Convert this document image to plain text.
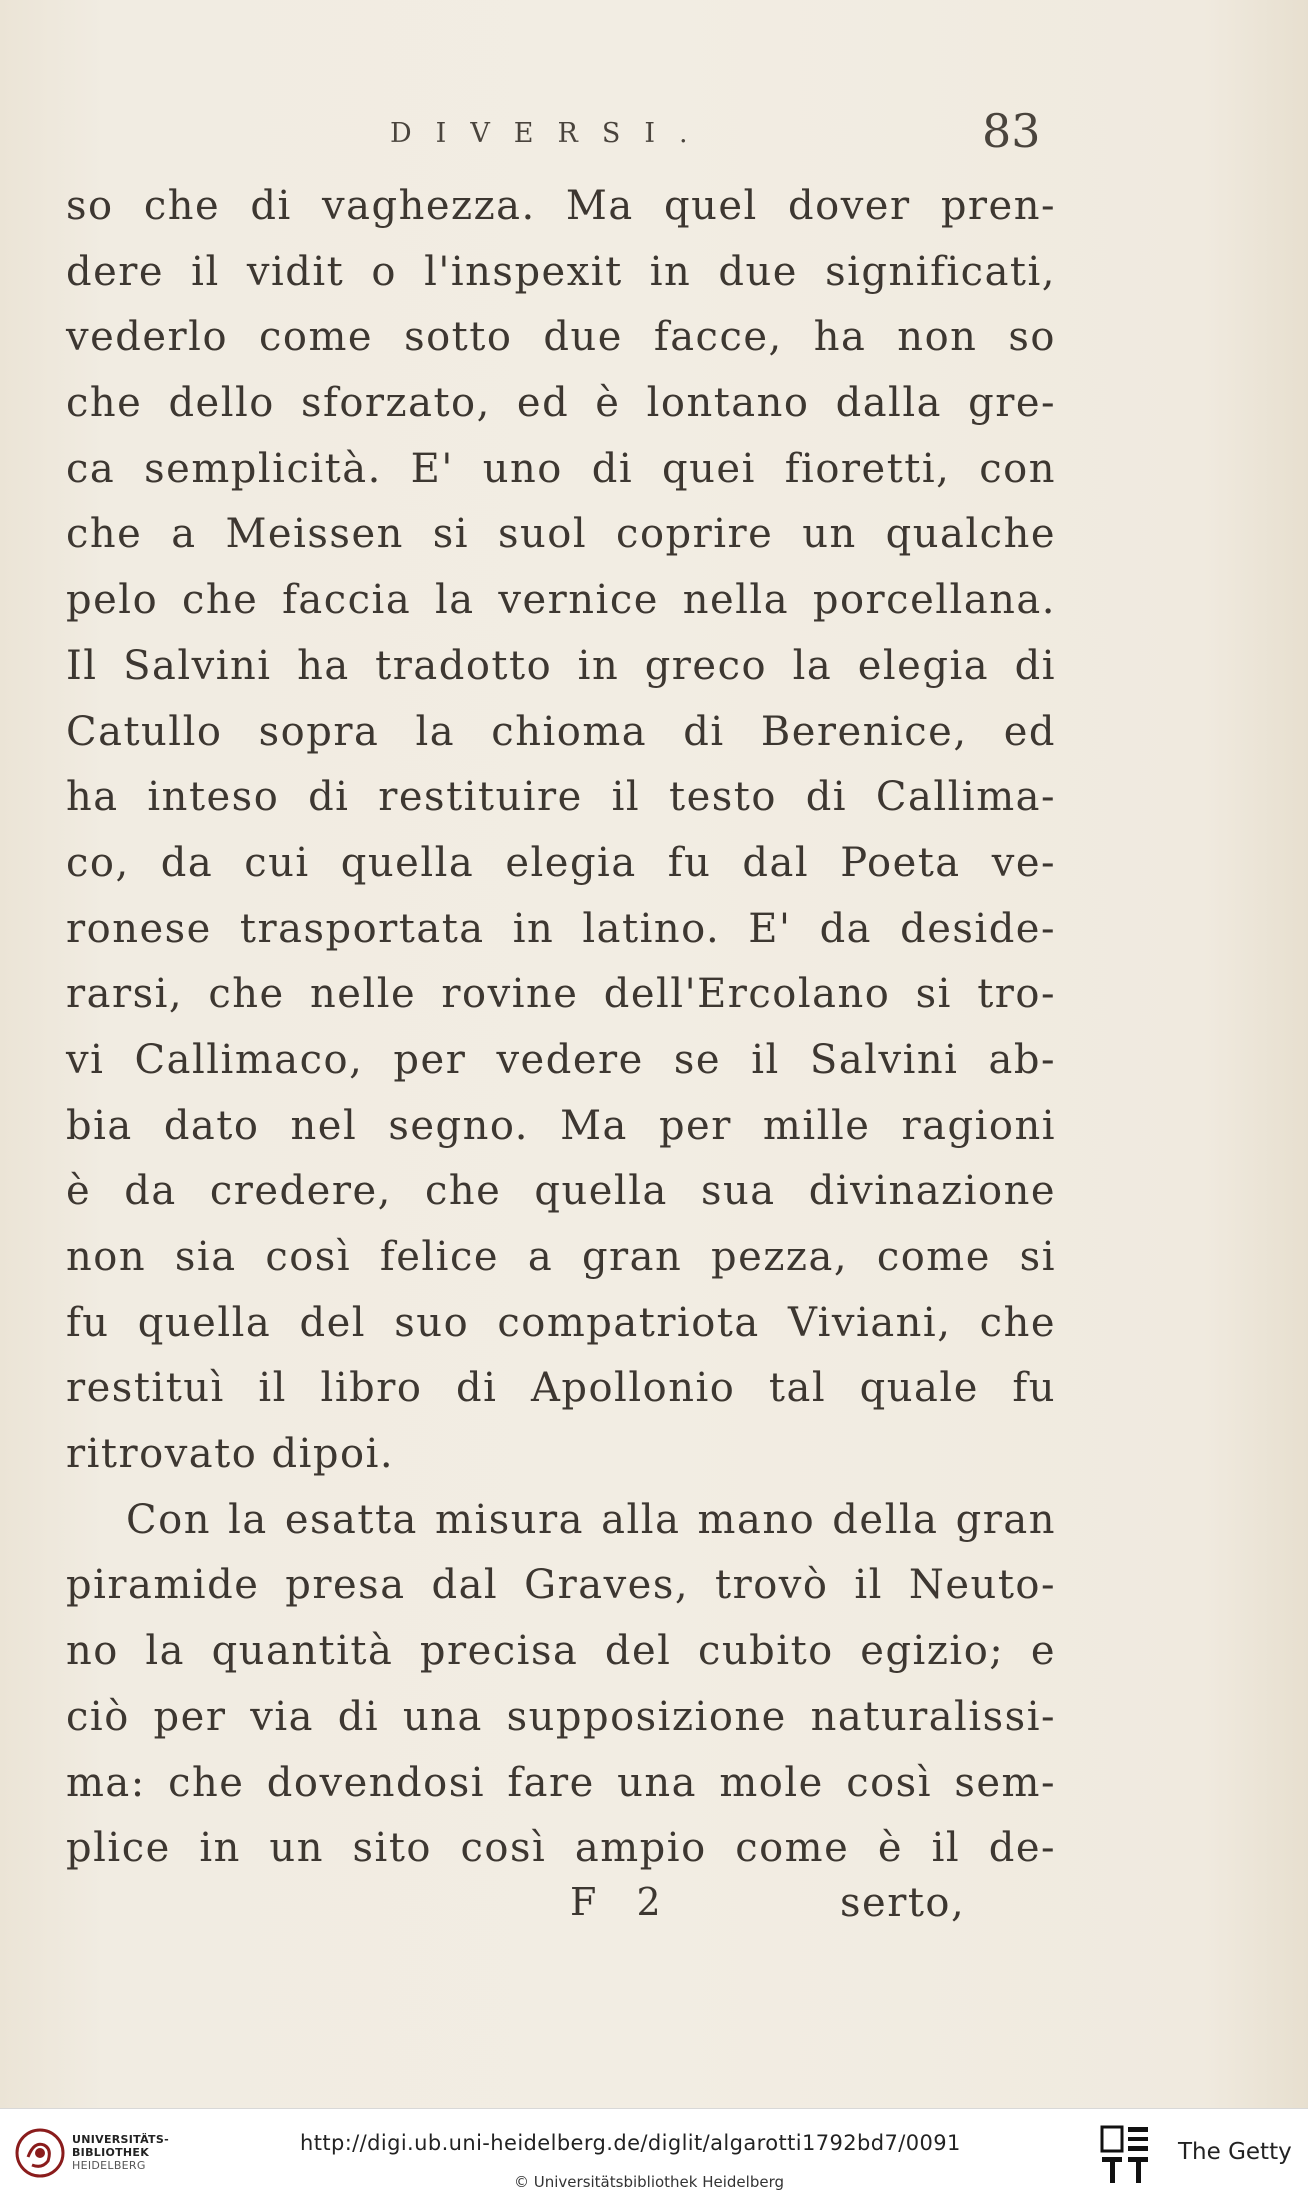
DIVERSI.	83
so che di vaghezza. Ma quel dover pren-
dere il vidit o l'inspexit in due significati,
vederlo come sotto due facce, ha non so
che dello sforzato, ed è lontano dalla gre-
ca semplicità. E' uno di quei fioretti, con
che a Meissen si suol coprire un qualche
pelo che faccia la vernice nella porcellana.
Il Salvini ha tradotto in greco la elegia di
Catullo sopra la chioma di Berenice, ed
ha inteso di restituire il testo di Callima-
co, da cui quella elegia fu dal Poeta ve-
ronese trasportata in latino. E' da deside-
rarsi, che nelle rovine dell'Ercolano si tro-
vi Callimaco, per vedere se il Salvini ab-
bia dato nel segno. Ma per mille ragioni
è da credere, che quella sua divinazione
non sia così felice a gran pezza, come si
fu quella del suo compatriota Viviani, che
restituì il libro di Apollonio tal quale fu
ritrovato dipoi.
Con la esatta misura alla mano della gran
piramide presa dal Graves, trovò il Neuto-
no la quantità precisa del cubito egizio; e
ciò per via di una supposizione naturalissi-
ma: che dovendosi fare una mole così sem-
plice in un sito così ampio come è il de-
F 2	serto,
UNIVERSITÄTS-
BIBLIOTHEK
HEIDELBERG
http://digi.ub.uni-heidelberg.de/diglit/algarotti1792bd7/0091
© Universitätsbibliothek Heidelberg
The Getty
